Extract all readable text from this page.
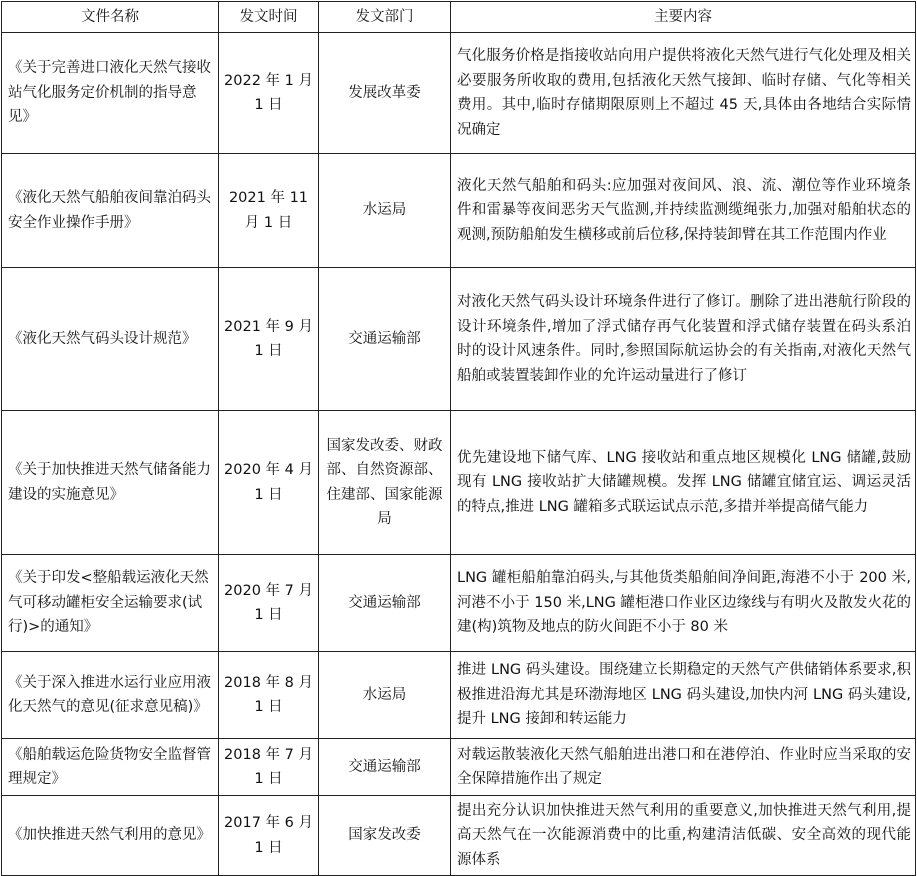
文件名称	发文时间	发文部门	主要内容
《关于完善进口液化天然气接收站气化服务定价机制的指导意见》	2022 年 1 月 1 日	发展改革委	气化服务价格是指接收站向用户提供将液化天然气进行气化处理及相关必要服务所收取的费用,包括液化天然气接卸、临时存储、气化等相关费用。其中,临时存储期限原则上不超过 45 天,具体由各地结合实际情况确定
《液化天然气船舶夜间靠泊码头安全作业操作手册》	2021 年 11 月 1 日	水运局	液化天然气船舶和码头:应加强对夜间风、浪、流、潮位等作业环境条件和雷暴等夜间恶劣天气监测,并持续监测缆绳张力,加强对船舶状态的观测,预防船舶发生横移或前后位移,保持装卸臂在其工作范围内作业
《液化天然气码头设计规范》	2021 年 9 月 1 日	交通运输部	对液化天然气码头设计环境条件进行了修订。删除了进出港航行阶段的设计环境条件,增加了浮式储存再气化装置和浮式储存装置在码头系泊时的设计风速条件。同时,参照国际航运协会的有关指南,对液化天然气船舶或装置装卸作业的允许运动量进行了修订
《关于加快推进天然气储备能力建设的实施意见》	2020 年 4 月 1 日	国家发改委、财政部、自然资源部、住建部、国家能源局	优先建设地下储气库、LNG 接收站和重点地区规模化 LNG 储罐,鼓励现有 LNG 接收站扩大储罐规模。发挥 LNG 储罐宜储宜运、调运灵活的特点,推进 LNG 罐箱多式联运试点示范,多措并举提高储气能力
《关于印发<整船载运液化天然气可移动罐柜安全运输要求(试行)>的通知》	2020 年 7 月 1 日	交通运输部	LNG 罐柜船舶靠泊码头,与其他货类船舶间净间距,海港不小于 200 米,河港不小于 150 米,LNG 罐柜港口作业区边缘线与有明火及散发火花的建(构)筑物及地点的防火间距不小于 80 米
《关于深入推进水运行业应用液化天然气的意见(征求意见稿)》	2018 年 8 月 1 日	水运局	推进 LNG 码头建设。围绕建立长期稳定的天然气产供储销体系要求,积极推进沿海尤其是环渤海地区 LNG 码头建设,加快内河 LNG 码头建设,提升 LNG 接卸和转运能力
《船舶载运危险货物安全监督管理规定》	2018 年 7 月 1 日	交通运输部	对载运散装液化天然气船舶进出港口和在港停泊、作业时应当采取的安全保障措施作出了规定
《加快推进天然气利用的意见》	2017 年 6 月 1 日	国家发改委	提出充分认识加快推进天然气利用的重要意义,加快推进天然气利用,提高天然气在一次能源消费中的比重,构建清洁低碳、安全高效的现代能源体系
